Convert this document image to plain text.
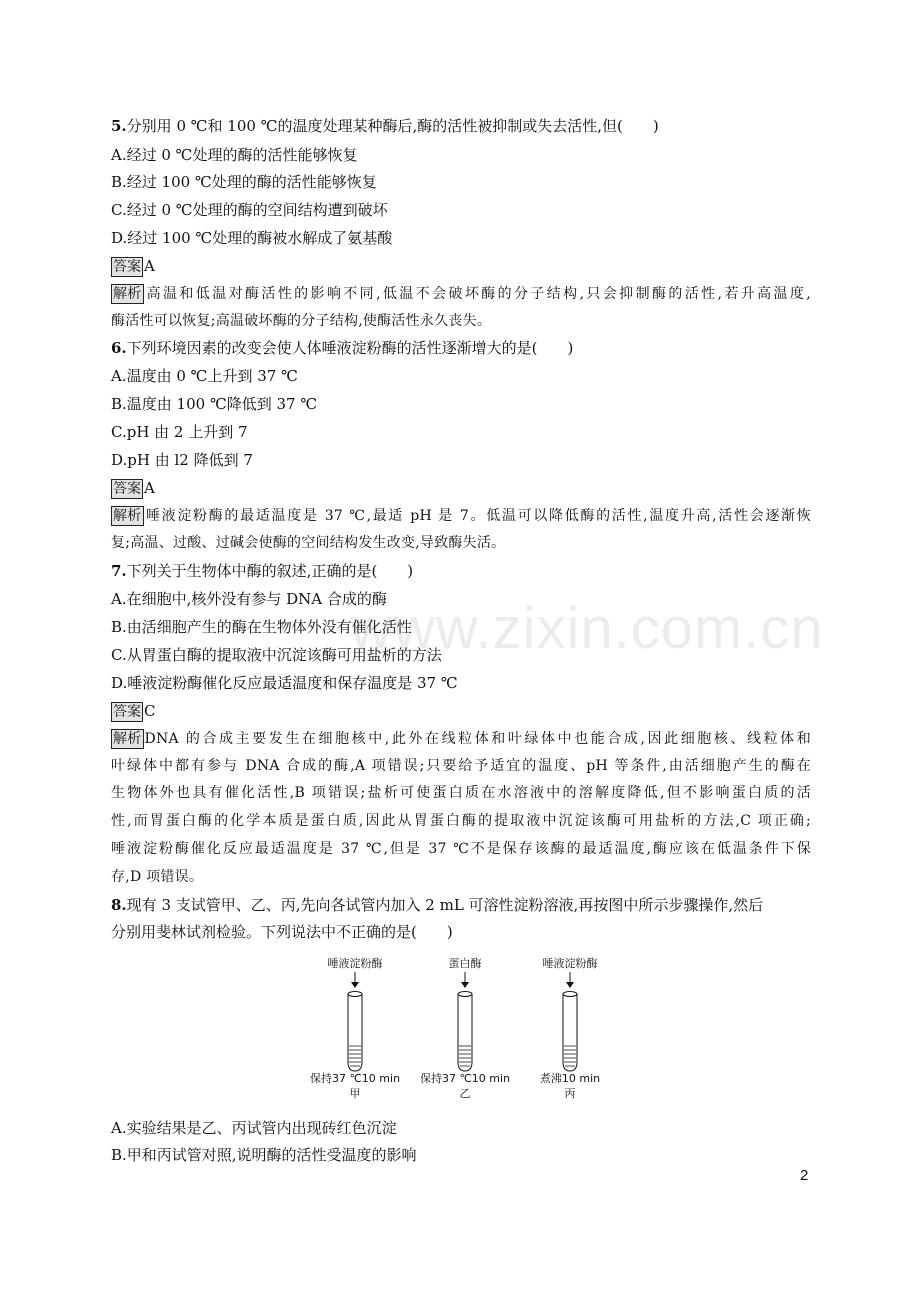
www.zixin.com.cn
5.分别用 0 ℃和 100 ℃的温度处理某种酶后,酶的活性被抑制或失去活性,但(　　)
A.经过 0 ℃处理的酶的活性能够恢复
B.经过 100 ℃处理的酶的活性能够恢复
C.经过 0 ℃处理的酶的空间结构遭到破坏
D.经过 100 ℃处理的酶被水解成了氨基酸
答案 A
解析 高温和低温对酶活性的影响不同,低温不会破坏酶的分子结构,只会抑制酶的活性,若升高温度,
酶活性可以恢复;高温破坏酶的分子结构,使酶活性永久丧失。
6.下列环境因素的改变会使人体唾液淀粉酶的活性逐渐增大的是(　　)
A.温度由 0 ℃上升到 37 ℃
B.温度由 100 ℃降低到 37 ℃
C.pH 由 2 上升到 7
D.pH 由 l2 降低到 7
答案 A
解析 唾液淀粉酶的最适温度是 37 ℃,最适 pH 是 7。低温可以降低酶的活性,温度升高,活性会逐渐恢
复;高温、过酸、过碱会使酶的空间结构发生改变,导致酶失活。
7.下列关于生物体中酶的叙述,正确的是(　　)
A.在细胞中,核外没有参与 DNA 合成的酶
B.由活细胞产生的酶在生物体外没有催化活性
C.从胃蛋白酶的提取液中沉淀该酶可用盐析的方法
D.唾液淀粉酶催化反应最适温度和保存温度是 37 ℃
答案 C
解析 DNA 的合成主要发生在细胞核中,此外在线粒体和叶绿体中也能合成,因此细胞核、线粒体和
叶绿体中都有参与 DNA 合成的酶,A 项错误;只要给予适宜的温度、pH 等条件,由活细胞产生的酶在
生物体外也具有催化活性,B 项错误;盐析可使蛋白质在水溶液中的溶解度降低,但不影响蛋白质的活
性,而胃蛋白酶的化学本质是蛋白质,因此从胃蛋白酶的提取液中沉淀该酶可用盐析的方法,C 项正确;
唾液淀粉酶催化反应最适温度是 37 ℃,但是 37 ℃不是保存该酶的最适温度,酶应该在低温条件下保
存,D 项错误。
8.现有 3 支试管甲、乙、丙,先向各试管内加入 2 mL 可溶性淀粉溶液,再按图中所示步骤操作,然后
分别用斐林试剂检验。下列说法中不正确的是(　　)
唾液淀粉酶
保持37 ℃10 min
甲
蛋白酶
保持37 ℃10 min
乙
唾液淀粉酶
煮沸10 min
丙
A.实验结果是乙、丙试管内出现砖红色沉淀
B.甲和丙试管对照,说明酶的活性受温度的影响
2
